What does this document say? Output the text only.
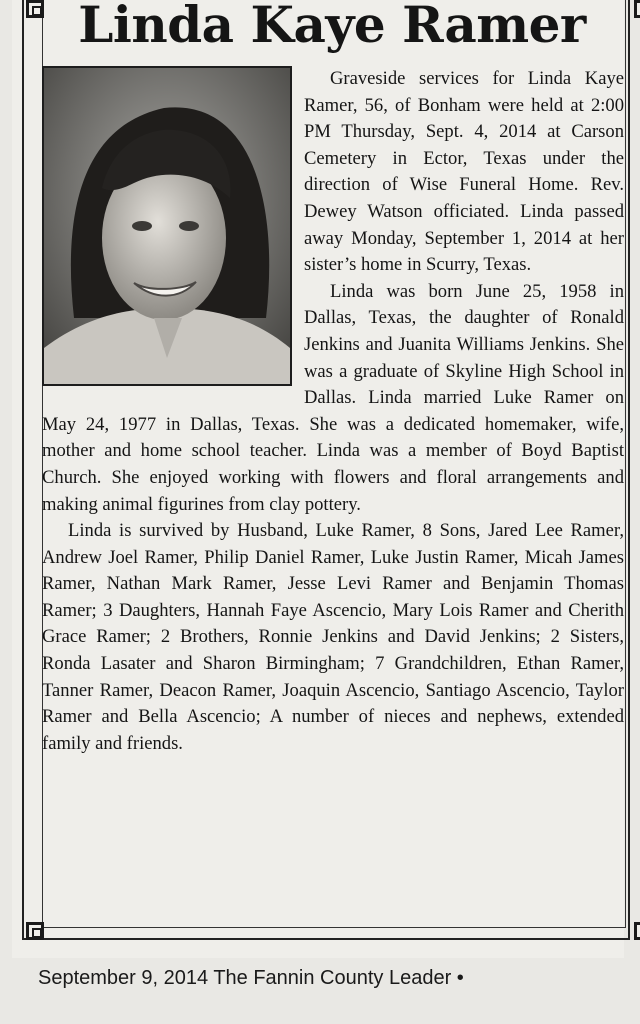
Linda Kaye Ramer

Graveside services for Linda Kaye Ramer, 56, of Bonham were held at 2:00 PM Thursday, Sept. 4, 2014 at Carson Cemetery in Ector, Texas under the direction of Wise Funeral Home. Rev. Dewey Watson officiated. Linda passed away Monday, September 1, 2014 at her sister’s home in Scurry, Texas.

Linda was born June 25, 1958 in Dallas, Texas, the daughter of Ronald Jenkins and Juanita Williams Jenkins. She was a graduate of Skyline High School in Dallas. Linda married Luke Ramer on May 24, 1977 in Dallas, Texas. She was a dedicated homemaker, wife, mother and home school teacher. Linda was a member of Boyd Baptist Church. She enjoyed working with flowers and floral arrangements and making animal figurines from clay pottery.

Linda is survived by Husband, Luke Ramer, 8 Sons, Jared Lee Ramer, Andrew Joel Ramer, Philip Daniel Ramer, Luke Justin Ramer, Micah James Ramer, Nathan Mark Ramer, Jesse Levi Ramer and Benjamin Thomas Ramer; 3 Daughters, Hannah Faye Ascencio, Mary Lois Ramer and Cherith Grace Ramer; 2 Brothers, Ronnie Jenkins and David Jenkins; 2 Sisters, Ronda Lasater and Sharon Birmingham; 7 Grandchildren, Ethan Ramer, Tanner Ramer, Deacon Ramer, Joaquin Ascencio, Santiago Ascencio, Taylor Ramer and Bella Ascencio; A number of nieces and nephews, extended family and friends.

September 9, 2014 The Fannin County Leader •
